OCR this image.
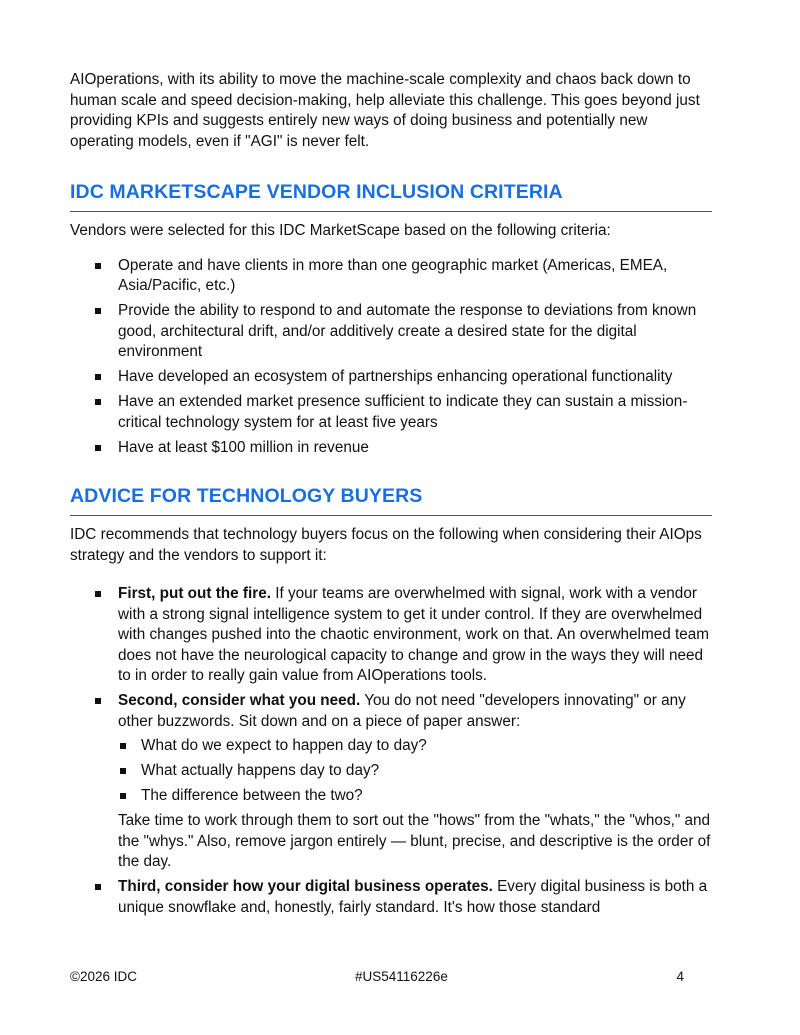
AIOperations, with its ability to move the machine-scale complexity and chaos back down to human scale and speed decision-making, help alleviate this challenge. This goes beyond just providing KPIs and suggests entirely new ways of doing business and potentially new operating models, even if "AGI" is never felt.

IDC MARKETSCAPE VENDOR INCLUSION CRITERIA

Vendors were selected for this IDC MarketScape based on the following criteria:

Operate and have clients in more than one geographic market (Americas, EMEA, Asia/Pacific, etc.)
Provide the ability to respond to and automate the response to deviations from known good, architectural drift, and/or additively create a desired state for the digital environment
Have developed an ecosystem of partnerships enhancing operational functionality
Have an extended market presence sufficient to indicate they can sustain a mission-critical technology system for at least five years
Have at least $100 million in revenue
ADVICE FOR TECHNOLOGY BUYERS

IDC recommends that technology buyers focus on the following when considering their AIOps strategy and the vendors to support it:

First, put out the fire. If your teams are overwhelmed with signal, work with a vendor with a strong signal intelligence system to get it under control. If they are overwhelmed with changes pushed into the chaotic environment, work on that. An overwhelmed team does not have the neurological capacity to change and grow in the ways they will need to in order to really gain value from AIOperations tools.
Second, consider what you need. You do not need "developers innovating" or any other buzzwords. Sit down and on a piece of paper answer:
What do we expect to happen day to day?
What actually happens day to day?
The difference between the two?

Take time to work through them to sort out the "hows" from the "whats," the "whos," and the "whys." Also, remove jargon entirely — blunt, precise, and descriptive is the order of the day.

Third, consider how your digital business operates. Every digital business is both a unique snowflake and, honestly, fairly standard. It's how those standard
©2026 IDC	#US54116226e	4
